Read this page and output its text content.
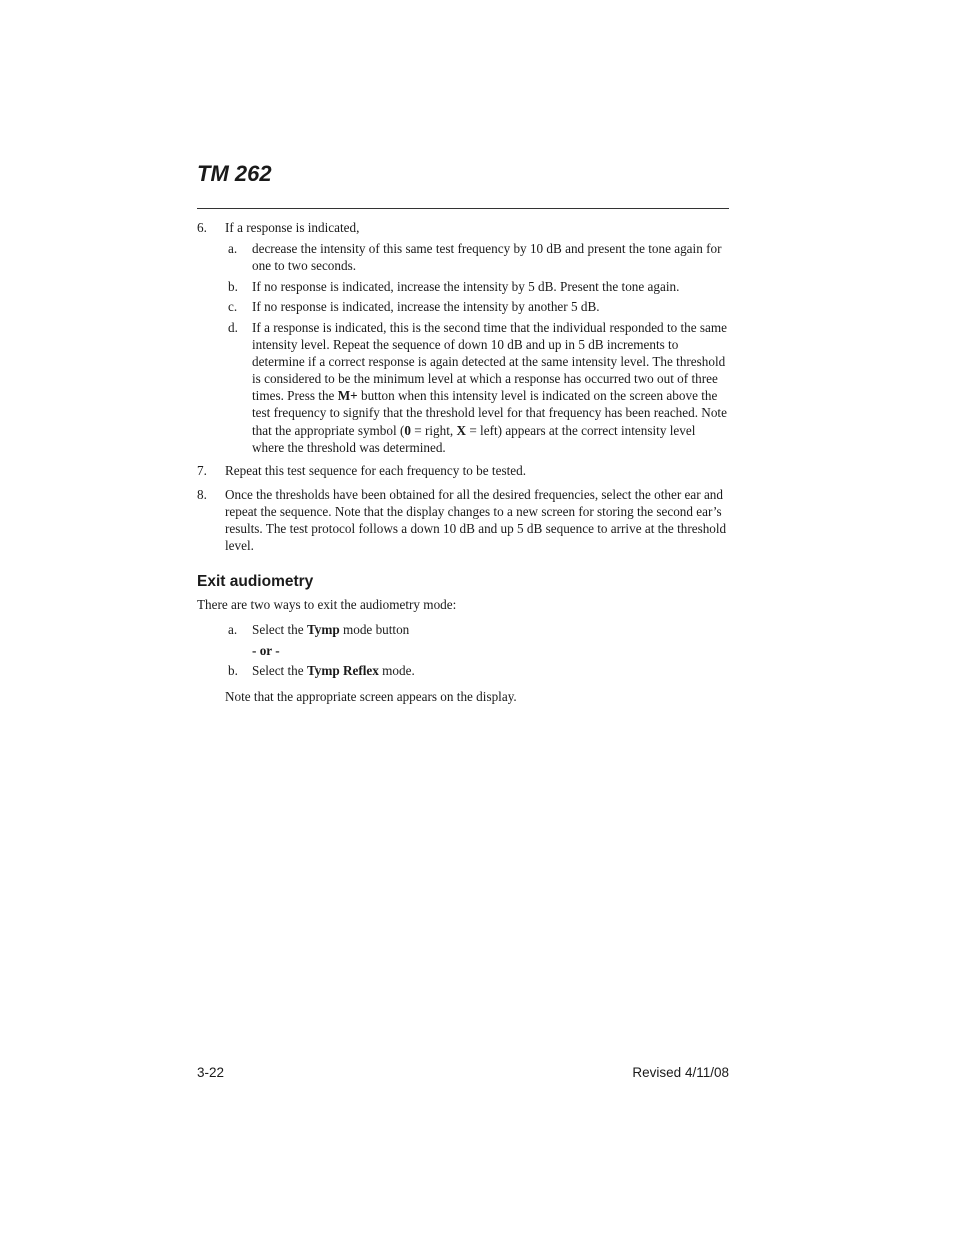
TM 262
6. If a response is indicated,
a. decrease the intensity of this same test frequency by 10 dB and present the tone again for one to two seconds.
b. If no response is indicated, increase the intensity by 5 dB. Present the tone again.
c. If no response is indicated, increase the intensity by another 5 dB.
d. If a response is indicated, this is the second time that the individual responded to the same intensity level. Repeat the sequence of down 10 dB and up in 5 dB increments to determine if a correct response is again detected at the same intensity level. The threshold is considered to be the minimum level at which a response has occurred two out of three times. Press the M+ button when this intensity level is indicated on the screen above the test frequency to signify that the threshold level for that frequency has been reached. Note that the appropriate symbol (0 = right, X = left) appears at the correct intensity level where the threshold was determined.
7. Repeat this test sequence for each frequency to be tested.
8. Once the thresholds have been obtained for all the desired frequencies, select the other ear and repeat the sequence. Note that the display changes to a new screen for storing the second ear’s results. The test protocol follows a down 10 dB and up 5 dB sequence to arrive at the threshold level.
Exit audiometry
There are two ways to exit the audiometry mode:
a. Select the Tymp mode button
- or -
b. Select the Tymp Reflex mode.
Note that the appropriate screen appears on the display.
3-22	Revised 4/11/08
